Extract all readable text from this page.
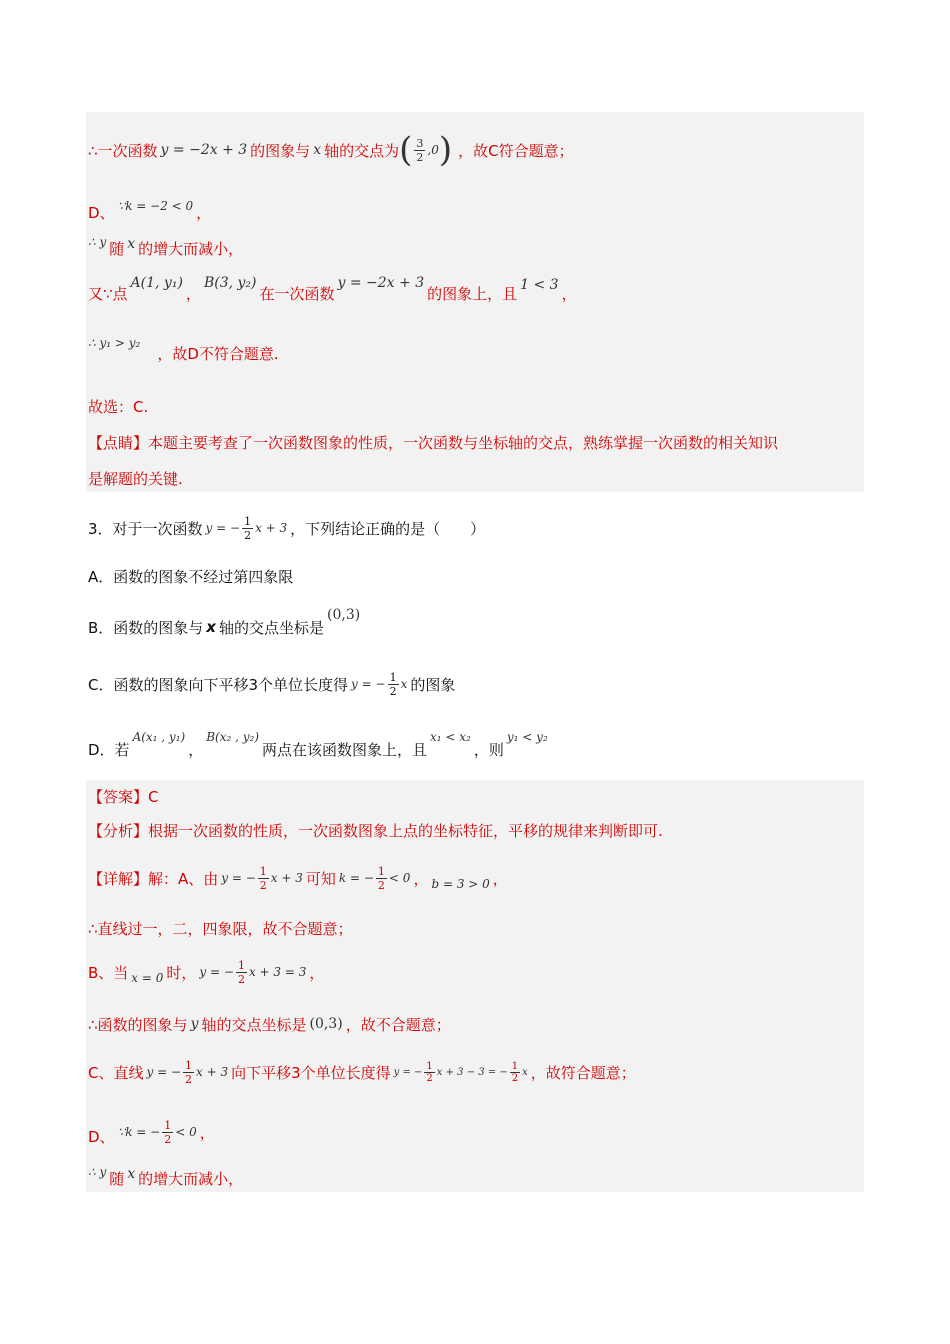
∴一次函数 y = −2x + 3 的图象与 x 轴的交点为 ( $\frac{3}{2} ,0$ ) ，故C符合题意；
D、 ∵k = −2 < 0 ，
∴ y 随 x 的增大而减小，
又∵点
A(1, y₁)
，
B(3, y₂)
在一次函数
y = −2x + 3
的图象上，且 1 < 3 ，
∴ y₁ > y₂
，故D不符合题意.
故选：C.
【点睛】本题主要考查了一次函数图象的性质，一次函数与坐标轴的交点，熟练掌握一次函数的相关知识
是解题的关键.
3．对于一次函数 y = − $\frac{1}{2}$ x + 3 ，下列结论正确的是（　　）
A．函数的图象不经过第四象限
B．函数的图象与 x 轴的交点坐标是
(0,3)
C．函数的图象向下平移3个单位长度得 y = − $\frac{1}{2}$ x 的图象
D．若
A(x₁ , y₁)
，
B(x₂ , y₂)
两点在该函数图象上，且
x₁ < x₂
，则
y₁ < y₂
【答案】C
【分析】根据一次函数的性质，一次函数图象上点的坐标特征，平移的规律来判断即可.
【详解】解：A、由 y = − $\frac{1}{2}$ x + 3 可知 k = − $\frac{1}{2} < 0$ ， b = 3 > 0 ，
∴直线过一，二，四象限，故不合题意；
B、当 x = 0 时， y = − $\frac{1}{2}$ x + 3 = 3 ，
∴函数的图象与 y 轴的交点坐标是 (0,3) ，故不合题意；
C、直线 y = − $\frac{1}{2}$ x + 3 向下平移3个单位长度得 y = − $\frac{1}{2}$ x + 3 − 3 = − $\frac{1}{2}$ x ，故符合题意；
D、 ∵k = − $\frac{1}{2} < 0$ ，
∴ y 随 x 的增大而减小，
